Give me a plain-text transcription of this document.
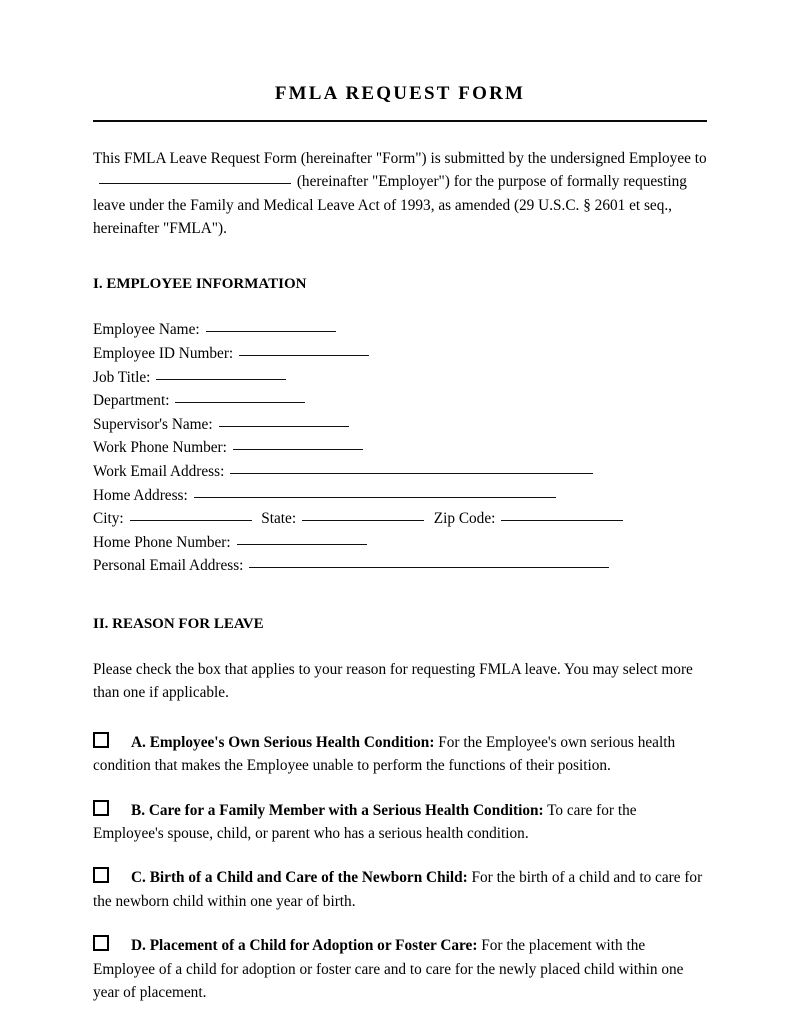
FMLA REQUEST FORM

This FMLA Leave Request Form (hereinafter "Form") is submitted by the undersigned Employee to  (hereinafter "Employer") for the purpose of formally requesting leave under the Family and Medical Leave Act of 1993, as amended (29 U.S.C. § 2601 et seq., hereinafter "FMLA").

I. EMPLOYEE INFORMATION
Employee Name:
Employee ID Number:
Job Title:
Department:
Supervisor's Name:
Work Phone Number:
Work Email Address:
Home Address:
City:	State:	Zip Code:
Home Phone Number:
Personal Email Address:
II. REASON FOR LEAVE

Please check the box that applies to your reason for requesting FMLA leave. You may select more than one if applicable.

A. Employee's Own Serious Health Condition: For the Employee's own serious health condition that makes the Employee unable to perform the functions of their position.
B. Care for a Family Member with a Serious Health Condition: To care for the Employee's spouse, child, or parent who has a serious health condition.
C. Birth of a Child and Care of the Newborn Child: For the birth of a child and to care for the newborn child within one year of birth.
D. Placement of a Child for Adoption or Foster Care: For the placement with the Employee of a child for adoption or foster care and to care for the newly placed child within one year of placement.
